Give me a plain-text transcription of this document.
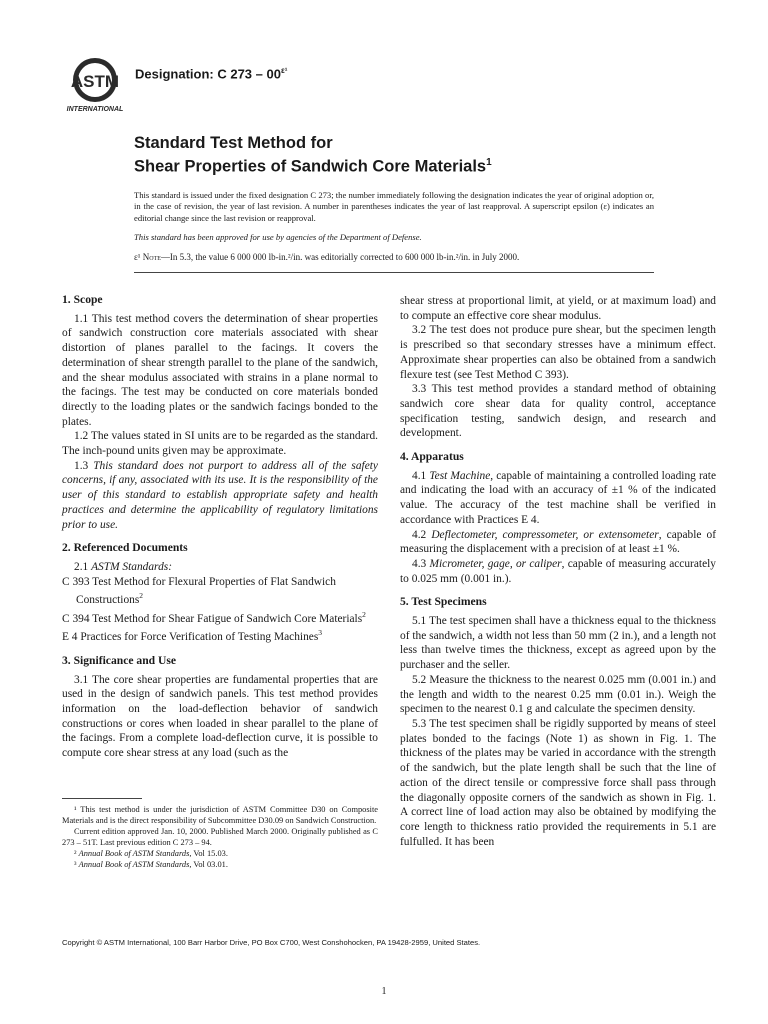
ASTM
INTERNATIONAL
Designation: C $273 - 00^{\varepsilon^1}$
Standard Test Method for
Shear Properties of Sandwich Core Materials$^1$
This standard is issued under the fixed designation C 273; the number immediately following the designation indicates the year of original adoption or, in the case of revision, the year of last revision. A number in parentheses indicates the year of last reapproval. A superscript epsilon (ε) indicates an editorial change since the last revision or reapproval.
This standard has been approved for use by agencies of the Department of Defense.
ε¹ Note—In 5.3, the value 6 000 000 lb-in.²/in. was editorially corrected to 600 000 lb-in.²/in. in July 2000.
1. Scope

1.1 This test method covers the determination of shear properties of sandwich construction core materials associated with shear distortion of planes parallel to the facings. It covers the determination of shear strength parallel to the plane of the sandwich, and the shear modulus associated with strains in a plane normal to the facings. The test may be conducted on core materials bonded directly to the loading plates or the sandwich facings bonded to the plates.

1.2 The values stated in SI units are to be regarded as the standard. The inch-pound units given may be approximate.

1.3 This standard does not purport to address all of the safety concerns, if any, associated with its use. It is the responsibility of the user of this standard to establish appropriate safety and health practices and determine the applicability of regulatory limitations prior to use.

2. Referenced Documents

2.1 ASTM Standards:

C 393 Test Method for Flexural Properties of Flat Sandwich Constructions$^2$

C 394 Test Method for Shear Fatigue of Sandwich Core Materials$^2$

E 4 Practices for Force Verification of Testing Machines$^3$

3. Significance and Use

3.1 The core shear properties are fundamental properties that are used in the design of sandwich panels. This test method provides information on the load-deflection behavior of sandwich constructions or cores when loaded in shear parallel to the plane of the facings. From a complete load-deflection curve, it is possible to compute core shear stress at any load (such as the

shear stress at proportional limit, at yield, or at maximum load) and to compute an effective core shear modulus.

3.2 The test does not produce pure shear, but the specimen length is prescribed so that secondary stresses have a minimum effect. Approximate shear properties can also be obtained from a sandwich flexure test (see Test Method C 393).

3.3 This test method provides a standard method of obtaining sandwich core shear data for quality control, acceptance specification testing, sandwich design, and research and development.

4. Apparatus

4.1 Test Machine, capable of maintaining a controlled loading rate and indicating the load with an accuracy of ±1 % of the indicated value. The accuracy of the test machine shall be verified in accordance with Practices E 4.

4.2 Deflectometer, compressometer, or extensometer, capable of measuring the displacement with a precision of at least ±1 %.

4.3 Micrometer, gage, or caliper, capable of measuring accurately to 0.025 mm (0.001 in.).

5. Test Specimens

5.1 The test specimen shall have a thickness equal to the thickness of the sandwich, a width not less than 50 mm (2 in.), and a length not less than twelve times the thickness, except as agreed upon by the purchaser and the seller.

5.2 Measure the thickness to the nearest 0.025 mm (0.001 in.) and the length and width to the nearest 0.25 mm (0.01 in.). Weigh the specimen to the nearest 0.1 g and calculate the specimen density.

5.3 The test specimen shall be rigidly supported by means of steel plates bonded to the facings (Note 1) as shown in Fig. 1. The thickness of the plates may be varied in accordance with the strength of the sandwich, but the plate length shall be such that the line of action of the direct tensile or compressive force shall pass through the diagonally opposite corners of the sandwich as shown in Fig. 1. A correct line of load action may also be obtained by modifying the core length to thickness ratio provided the requirements in 5.1 are fulfulled. It has been

¹ This test method is under the jurisdiction of ASTM Committee D30 on Composite Materials and is the direct responsibility of Subcommittee D30.09 on Sandwich Construction.

Current edition approved Jan. 10, 2000. Published March 2000. Originally published as C 273 – 51T. Last previous edition C 273 – 94.

² Annual Book of ASTM Standards, Vol 15.03.

³ Annual Book of ASTM Standards, Vol 03.01.

Copyright © ASTM International, 100 Barr Harbor Drive, PO Box C700, West Conshohocken, PA 19428-2959, United States.
1
